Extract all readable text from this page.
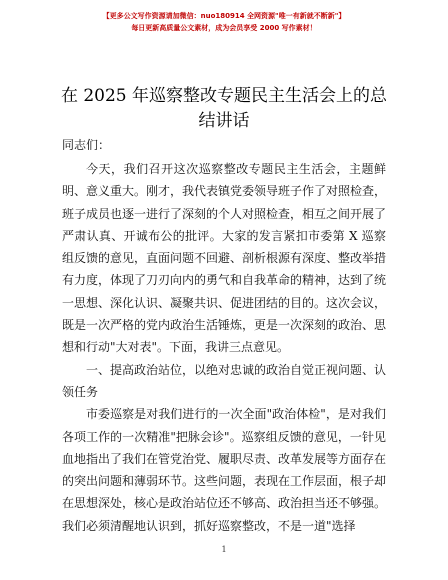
【更多公文写作资源请加微信：nuo180914 全网资源"唯一有新就不断新"】
每日更新高质量公文素材，成为会员享受 2000 写作素材！
在 2025 年巡察整改专题民主生活会上的总结讲话

同志们：

今天，我们召开这次巡察整改专题民主生活会，主题鲜明、意义重大。刚才，我代表镇党委领导班子作了对照检查，班子成员也逐一进行了深刻的个人对照检查，相互之间开展了严肃认真、开诚布公的批评。大家的发言紧扣市委第 X 巡察组反馈的意见，直面问题不回避、剖析根源有深度、整改举措有力度，体现了刀刃向内的勇气和自我革命的精神，达到了统一思想、深化认识、凝聚共识、促进团结的目的。这次会议，既是一次严格的党内政治生活锤炼，更是一次深刻的政治、思想和行动"大对表"。下面，我讲三点意见。

一、提高政治站位，以绝对忠诚的政治自觉正视问题、认领任务

市委巡察是对我们进行的一次全面"政治体检"，是对我们各项工作的一次精准"把脉会诊"。巡察组反馈的意见，一针见血地指出了我们在管党治党、履职尽责、改革发展等方面存在的突出问题和薄弱环节。这些问题，表现在工作层面，根子却在思想深处，核心是政治站位还不够高、政治担当还不够强。我们必须清醒地认识到，抓好巡察整改，不是一道"选择

1
